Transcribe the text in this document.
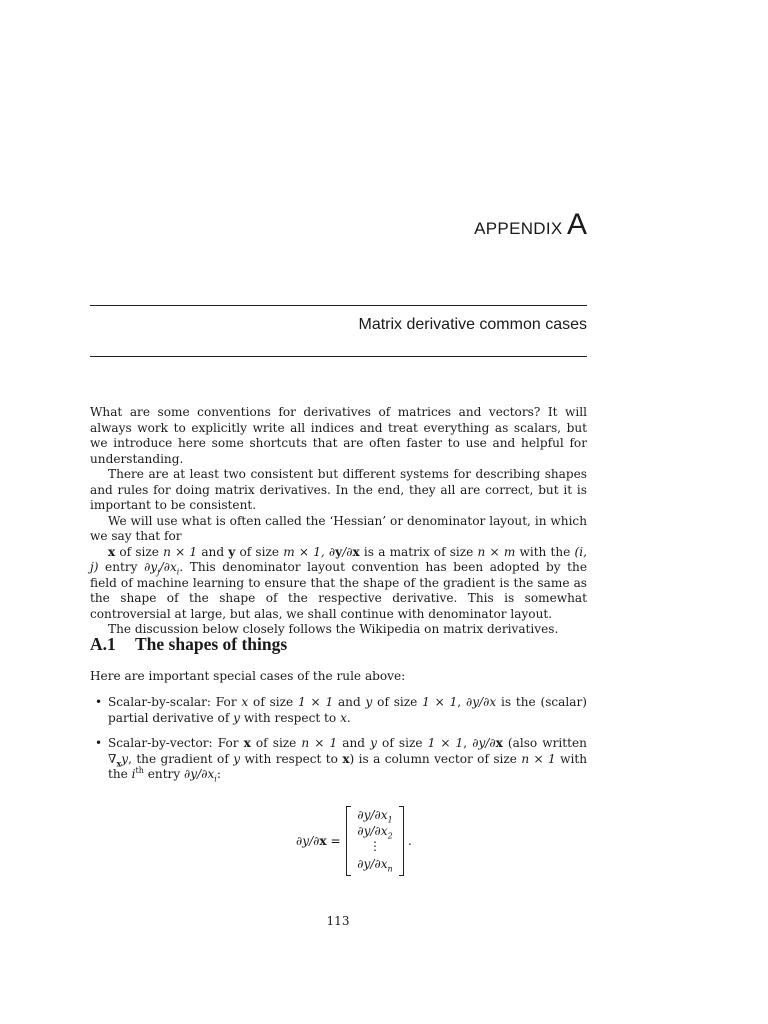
APPENDIX A
Matrix derivative common cases

What are some conventions for derivatives of matrices and vectors? It will always work to explicitly write all indices and treat everything as scalars, but we introduce here some shortcuts that are often faster to use and helpful for understanding.

There are at least two consistent but different systems for describing shapes and rules for doing matrix derivatives. In the end, they all are correct, but it is important to be consistent.

We will use what is often called the ‘Hessian’ or denominator layout, in which we say that for

x of size n × 1 and y of size m × 1, ∂y/∂x is a matrix of size n × m with the (i, j) entry $\partial y_j/\partial x_i$. This denominator layout convention has been adopted by the field of machine learning to ensure that the shape of the gradient is the same as the shape of the shape of the respective derivative. This is somewhat controversial at large, but alas, we shall continue with denominator layout.

The discussion below closely follows the Wikipedia on matrix derivatives.

A.1 The shapes of things
Here are important special cases of the rule above:
• Scalar-by-scalar: For x of size 1 × 1 and y of size 1 × 1, ∂y/∂x is the (scalar) partial derivative of y with respect to x.
• Scalar-by-vector: For x of size n × 1 and y of size 1 × 1, ∂y/∂x (also written $\nabla_xy$, the gradient of y with respect to x) is a column vector of size n × 1 with the $i^{th}$ entry $\partial y/\partial x_i$:
∂y/∂x =
$\partial y/\partial x_1$
$\partial y/\partial x_2$
⋮
$\partial y/\partial x_n$
.
113
